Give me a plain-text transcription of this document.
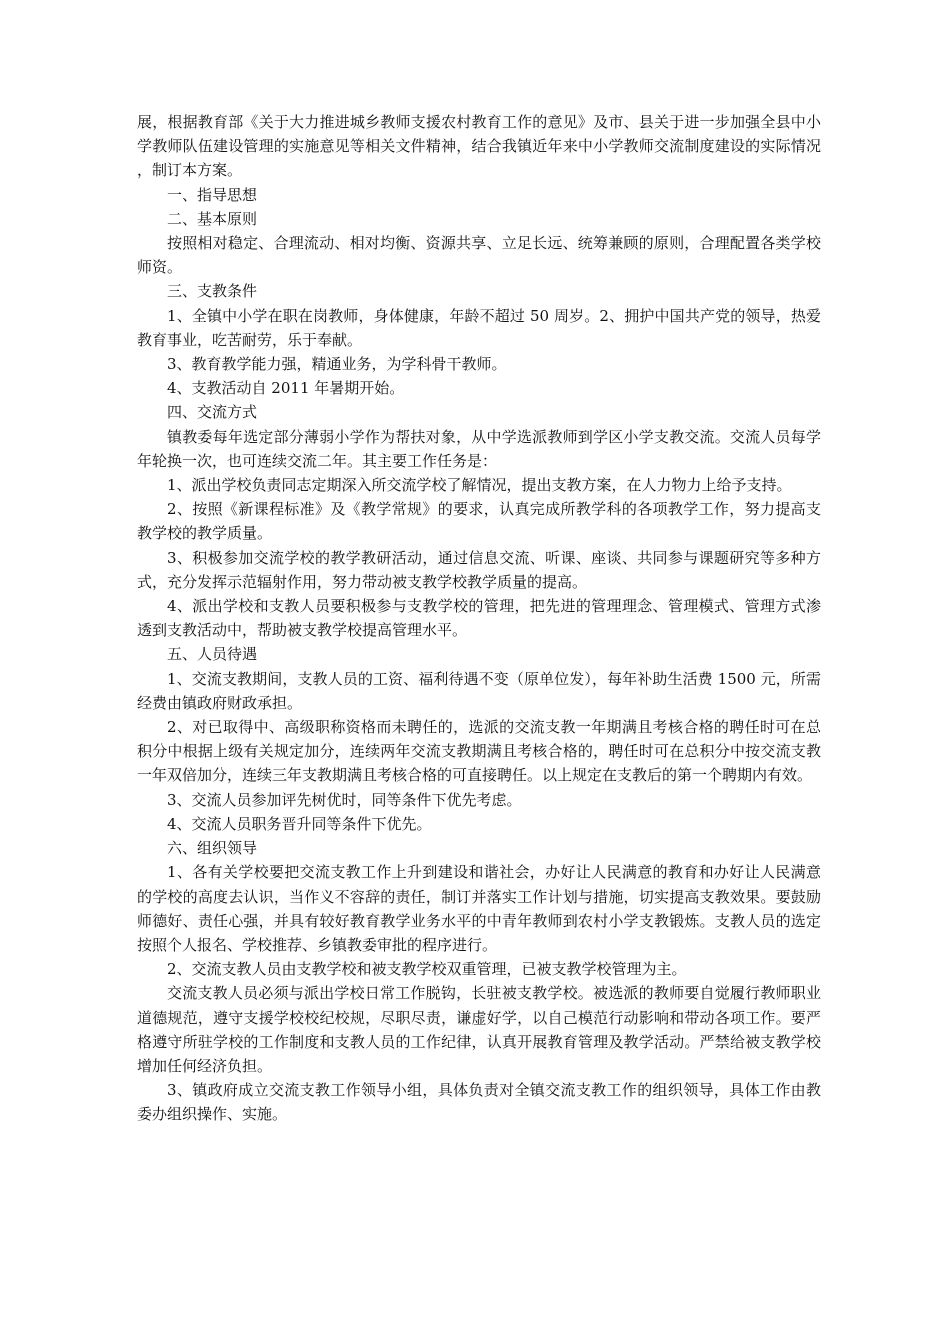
展，根据教育部《关于大力推进城乡教师支援农村教育工作的意见》及市、县关于进一步加强全县中小学教师队伍建设管理的实施意见等相关文件精神，结合我镇近年来中小学教师交流制度建设的实际情况，制订本方案。

一、指导思想

二、基本原则

按照相对稳定、合理流动、相对均衡、资源共享、立足长远、统筹兼顾的原则，合理配置各类学校师资。

三、支教条件

1、全镇中小学在职在岗教师，身体健康，年龄不超过 50 周岁。2、拥护中国共产党的领导，热爱教育事业，吃苦耐劳，乐于奉献。

3、教育教学能力强，精通业务，为学科骨干教师。

4、支教活动自 2011 年暑期开始。

四、交流方式

镇教委每年选定部分薄弱小学作为帮扶对象，从中学选派教师到学区小学支教交流。交流人员每学年轮换一次，也可连续交流二年。其主要工作任务是：

1、派出学校负责同志定期深入所交流学校了解情况，提出支教方案，在人力物力上给予支持。

2、按照《新课程标准》及《教学常规》的要求，认真完成所教学科的各项教学工作，努力提高支教学校的教学质量。

3、积极参加交流学校的教学教研活动，通过信息交流、听课、座谈、共同参与课题研究等多种方式，充分发挥示范辐射作用，努力带动被支教学校教学质量的提高。

4、派出学校和支教人员要积极参与支教学校的管理，把先进的管理理念、管理模式、管理方式渗透到支教活动中，帮助被支教学校提高管理水平。

五、人员待遇

1、交流支教期间，支教人员的工资、福利待遇不变（原单位发），每年补助生活费 1500 元，所需经费由镇政府财政承担。

2、对已取得中、高级职称资格而未聘任的，选派的交流支教一年期满且考核合格的聘任时可在总积分中根据上级有关规定加分，连续两年交流支教期满且考核合格的，聘任时可在总积分中按交流支教一年双倍加分，连续三年支教期满且考核合格的可直接聘任。以上规定在支教后的第一个聘期内有效。

3、交流人员参加评先树优时，同等条件下优先考虑。

4、交流人员职务晋升同等条件下优先。

六、组织领导

1、各有关学校要把交流支教工作上升到建设和谐社会，办好让人民满意的教育和办好让人民满意的学校的高度去认识，当作义不容辞的责任，制订并落实工作计划与措施，切实提高支教效果。要鼓励师德好、责任心强，并具有较好教育教学业务水平的中青年教师到农村小学支教锻炼。支教人员的选定按照个人报名、学校推荐、乡镇教委审批的程序进行。

2、交流支教人员由支教学校和被支教学校双重管理，已被支教学校管理为主。

交流支教人员必须与派出学校日常工作脱钩，长驻被支教学校。被选派的教师要自觉履行教师职业道德规范，遵守支援学校校纪校规，尽职尽责，谦虚好学，以自己模范行动影响和带动各项工作。要严格遵守所驻学校的工作制度和支教人员的工作纪律，认真开展教育管理及教学活动。严禁给被支教学校增加任何经济负担。

3、镇政府成立交流支教工作领导小组，具体负责对全镇交流支教工作的组织领导，具体工作由教委办组织操作、实施。
